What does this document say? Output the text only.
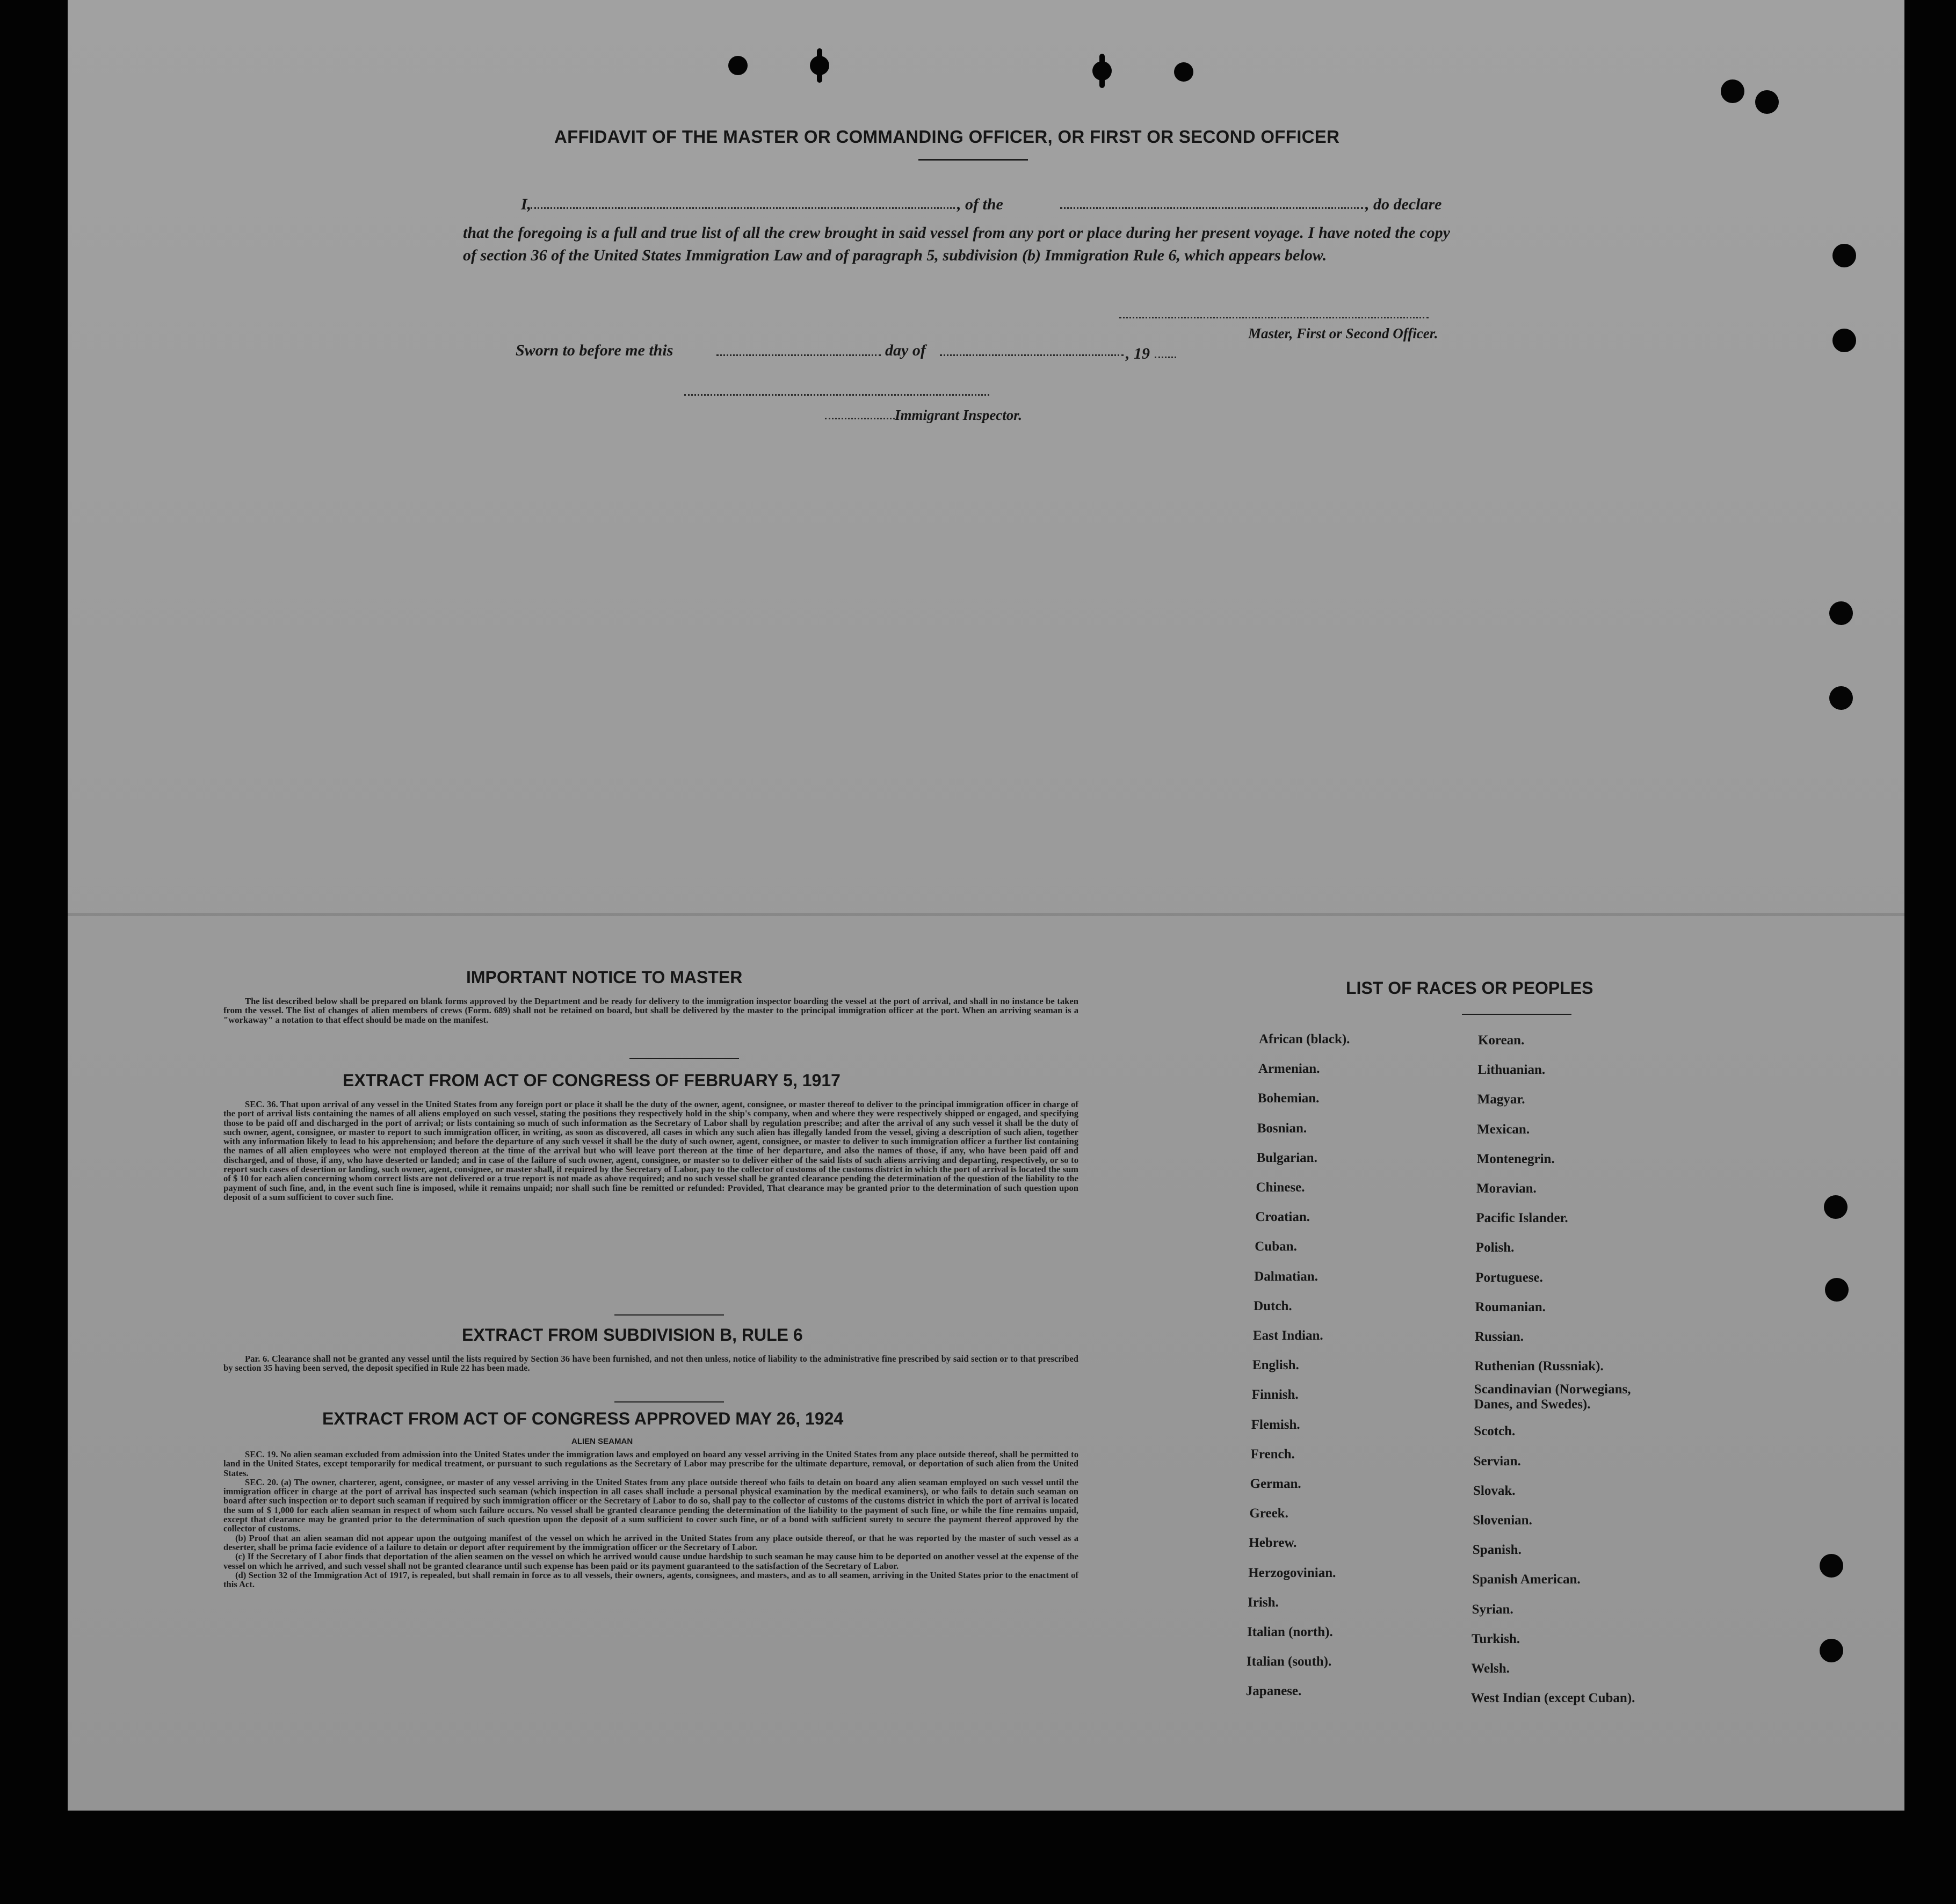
AFFIDAVIT OF THE MASTER OR COMMANDING OFFICER, OR FIRST OR SECOND OFFICER
I,	, of the	, do declare
that the foregoing is a full and true list of all the crew brought in said vessel from any port or place during her present voyage. I have noted the copy of section 36 of the United States Immigration Law and of paragraph 5, subdivision (b) Immigration Rule 6, which appears below.
Master, First or Second Officer.
Sworn to before me this	day of	, 19
Immigrant Inspector.
IMPORTANT NOTICE TO MASTER

The list described below shall be prepared on blank forms approved by the Department and be ready for delivery to the immigration inspector boarding the vessel at the port of arrival, and shall in no instance be taken from the vessel. The list of changes of alien members of crews (Form. 689) shall not be retained on board, but shall be delivered by the master to the principal immigration officer at the port. When an arriving seaman is a "workaway" a notation to that effect should be made on the manifest.

EXTRACT FROM ACT OF CONGRESS OF FEBRUARY 5, 1917

SEC. 36. That upon arrival of any vessel in the United States from any foreign port or place it shall be the duty of the owner, agent, consignee, or master thereof to deliver to the principal immigration officer in charge of the port of arrival lists containing the names of all aliens employed on such vessel, stating the positions they respectively hold in the ship's company, when and where they were respectively shipped or engaged, and specifying those to be paid off and discharged in the port of arrival; or lists containing so much of such information as the Secretary of Labor shall by regulation prescribe; and after the arrival of any such vessel it shall be the duty of such owner, agent, consignee, or master to report to such immigration officer, in writing, as soon as discovered, all cases in which any such alien has illegally landed from the vessel, giving a description of such alien, together with any information likely to lead to his apprehension; and before the departure of any such vessel it shall be the duty of such owner, agent, consignee, or master to deliver to such immigration officer a further list containing the names of all alien employees who were not employed thereon at the time of the arrival but who will leave port thereon at the time of her departure, and also the names of those, if any, who have been paid off and discharged, and of those, if any, who have deserted or landed; and in case of the failure of such owner, agent, consignee, or master so to deliver either of the said lists of such aliens arriving and departing, respectively, or so to report such cases of desertion or landing, such owner, agent, consignee, or master shall, if required by the Secretary of Labor, pay to the collector of customs of the customs district in which the port of arrival is located the sum of $ 10 for each alien concerning whom correct lists are not delivered or a true report is not made as above required; and no such vessel shall be granted clearance pending the determination of the question of the liability to the payment of such fine, and, in the event such fine is imposed, while it remains unpaid; nor shall such fine be remitted or refunded: Provided, That clearance may be granted prior to the determination of such question upon deposit of a sum sufficient to cover such fine.

EXTRACT FROM SUBDIVISION B, RULE 6

Par. 6. Clearance shall not be granted any vessel until the lists required by Section 36 have been furnished, and not then unless, notice of liability to the administrative fine prescribed by said section or to that prescribed by section 35 having been served, the deposit specified in Rule 22 has been made.

EXTRACT FROM ACT OF CONGRESS APPROVED MAY 26, 1924
ALIEN SEAMAN

SEC. 19. No alien seaman excluded from admission into the United States under the immigration laws and employed on board any vessel arriving in the United States from any place outside thereof, shall be permitted to land in the United States, except temporarily for medical treatment, or pursuant to such regulations as the Secretary of Labor may prescribe for the ultimate departure, removal, or deportation of such alien from the United States.

SEC. 20. (a) The owner, charterer, agent, consignee, or master of any vessel arriving in the United States from any place outside thereof who fails to detain on board any alien seaman employed on such vessel until the immigration officer in charge at the port of arrival has inspected such seaman (which inspection in all cases shall include a personal physical examination by the medical examiners), or who fails to detain such seaman on board after such inspection or to deport such seaman if required by such immigration officer or the Secretary of Labor to do so, shall pay to the collector of customs of the customs district in which the port of arrival is located the sum of $ 1,000 for each alien seaman in respect of whom such failure occurs. No vessel shall be granted clearance pending the determination of the liability to the payment of such fine, or while the fine remains unpaid, except that clearance may be granted prior to the determination of such question upon the deposit of a sum sufficient to cover such fine, or of a bond with sufficient surety to secure the payment thereof approved by the collector of customs.

(b) Proof that an alien seaman did not appear upon the outgoing manifest of the vessel on which he arrived in the United States from any place outside thereof, or that he was reported by the master of such vessel as a deserter, shall be prima facie evidence of a failure to detain or deport after requirement by the immigration officer or the Secretary of Labor.

(c) If the Secretary of Labor finds that deportation of the alien seamen on the vessel on which he arrived would cause undue hardship to such seaman he may cause him to be deported on another vessel at the expense of the vessel on which he arrived, and such vessel shall not be granted clearance until such expense has been paid or its payment guaranteed to the satisfaction of the Secretary of Labor.

(d) Section 32 of the Immigration Act of 1917, is repealed, but shall remain in force as to all vessels, their owners, agents, consignees, and masters, and as to all seamen, arriving in the United States prior to the enactment of this Act.

LIST OF RACES OR PEOPLES
African (black).
Armenian.
Bohemian.
Bosnian.
Bulgarian.
Chinese.
Croatian.
Cuban.
Dalmatian.
Dutch.
East Indian.
English.
Finnish.
Flemish.
French.
German.
Greek.
Hebrew.
Herzogovinian.
Irish.
Italian (north).
Italian (south).
Japanese.
Korean.
Lithuanian.
Magyar.
Mexican.
Montenegrin.
Moravian.
Pacific Islander.
Polish.
Portuguese.
Roumanian.
Russian.
Ruthenian (Russniak).
Scandinavian (Norwegians, Danes, and Swedes).
Scotch.
Servian.
Slovak.
Slovenian.
Spanish.
Spanish American.
Syrian.
Turkish.
Welsh.
West Indian (except Cuban).
